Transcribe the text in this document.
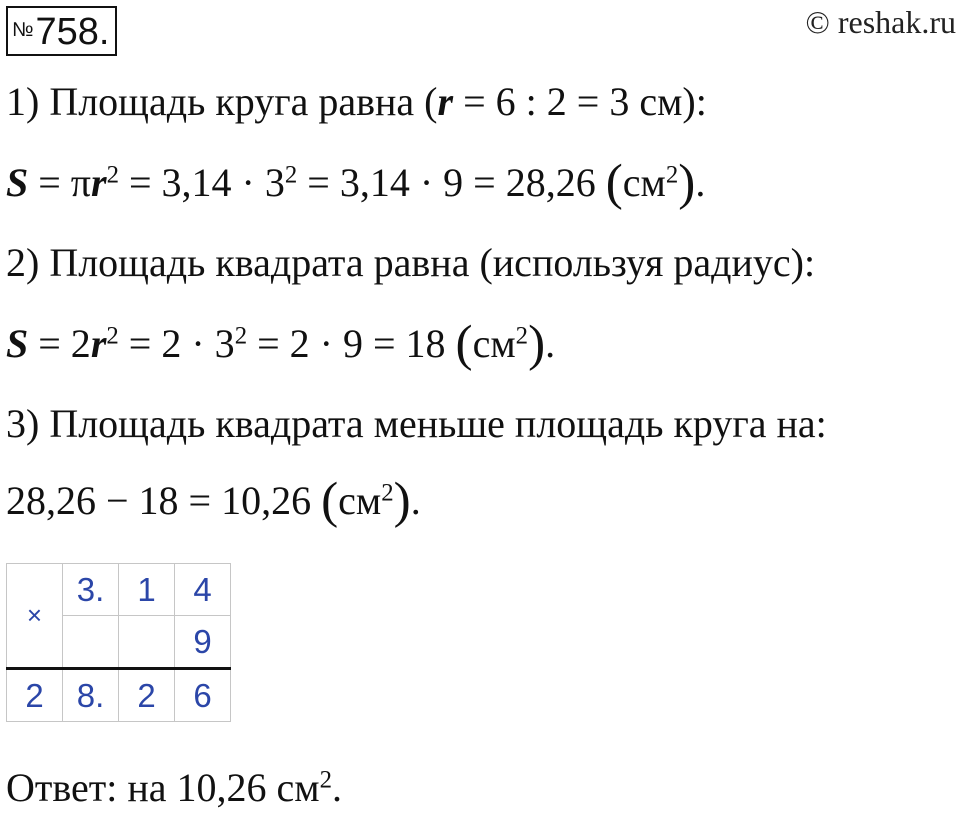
№758.	© reshak.ru
1) Площадь круга равна (r = 6 : 2 = 3 см):
$S = \pi r^2 = 3,14 \cdot 3^2 = 3,14 \cdot 9 = 28,26$ $(см^2)$.
2) Площадь квадрата равна (используя радиус):
$S = 2r^2 = 2 \cdot 3^2 = 2 \cdot 9 = 18$ $(см^2)$.
3) Площадь квадрата меньше площадь круга на:
28,26 − 18 = 10,26 $(см^2)$.
×	3.	1	4
			9
2	8.	2	6
Ответ: на 10,26 $см^2$.
